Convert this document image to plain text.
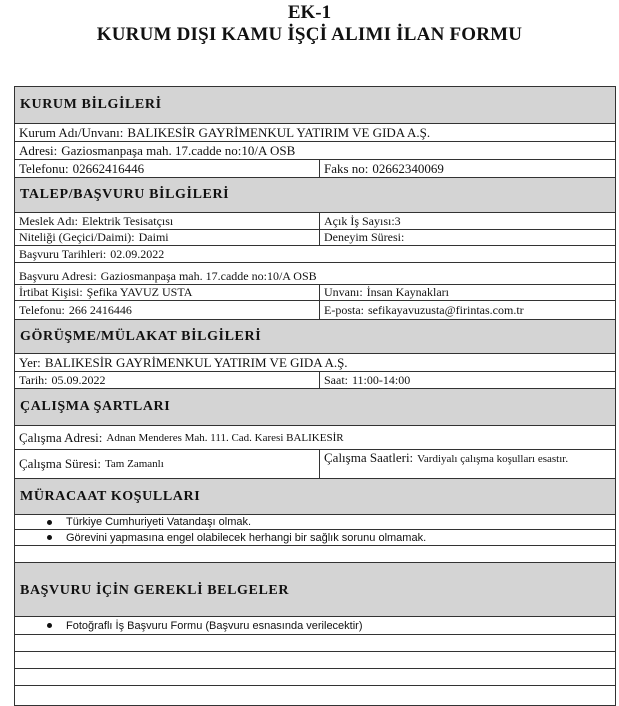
EK-1
KURUM DIŞI KAMU İŞÇİ ALIMI İLAN FORMU
KURUM BİLGİLERİ
Kurum Adı/Unvanı:
BALIKESİR GAYRİMENKUL YATIRIM VE GIDA A.Ş.
Adresi:
Gaziosmanpaşa mah. 17.cadde no:10/A OSB
Telefonu:
02662416446	Faks no:
02662340069
TALEP/BAŞVURU BİLGİLERİ
Meslek Adı:
Elektrik Tesisatçısı	Açık İş Sayısı: 3
Niteliği (Geçici/Daimi):
Daimi	Deneyim Süresi:

Başvuru Tarihleri:
02.09.2022
Başvuru Adresi:
Gaziosmanpaşa mah. 17.cadde no:10/A OSB
İrtibat Kişisi:
Şefika YAVUZ USTA	Unvanı:
İnsan Kaynakları
Telefonu:
266 2416446	E-posta:
sefikayavuzusta@firintas.com.tr
GÖRÜŞME/MÜLAKAT BİLGİLERİ
Yer:
BALIKESİR GAYRİMENKUL YATIRIM VE GIDA A.Ş.
Tarih:
05.09.2022	Saat:
11:00-14:00
ÇALIŞMA ŞARTLARI
Çalışma Adresi:
Adnan Menderes Mah. 111. Cad. Karesi BALIKESİR
Çalışma Süresi:
Tam Zamanlı	Çalışma Saatleri: Vardiyalı çalışma koşulları esastır.
MÜRACAAT KOŞULLARI
Türkiye Cumhuriyeti Vatandaşı olmak.
Görevini yapmasına engel olabilecek herhangi bir sağlık sorunu olmamak.
BAŞVURU İÇİN GEREKLİ BELGELER
Fotoğraflı İş Başvuru Formu (Başvuru esnasında verilecektir)
